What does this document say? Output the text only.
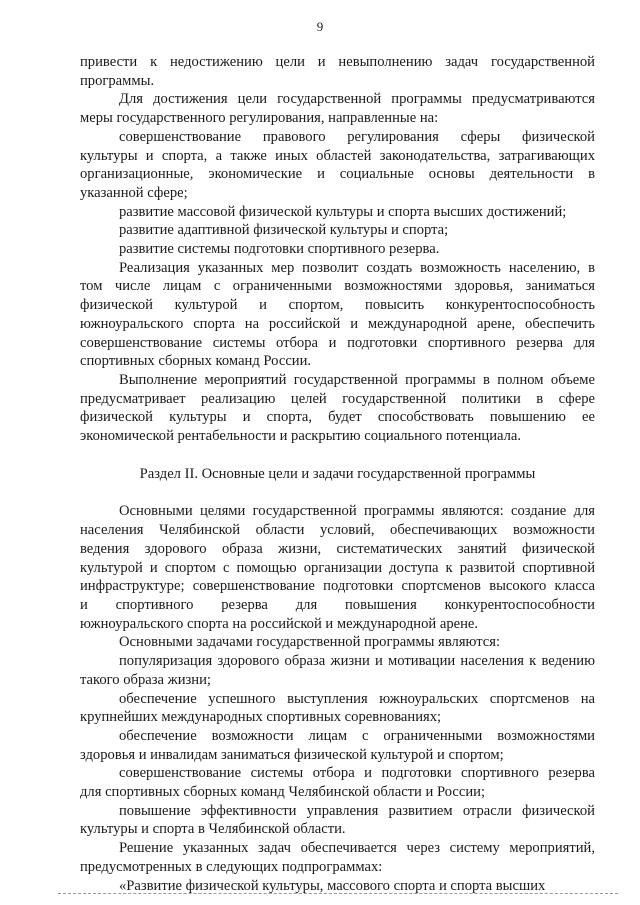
9
привести к недостижению цели и невыполнению задач государственной
программы.
Для достижения цели государственной программы предусматриваются
меры государственного регулирования, направленные на:
совершенствование правового регулирования сферы физической
культуры и спорта, а также иных областей законодательства, затрагивающих
организационные, экономические и социальные основы деятельности в
указанной сфере;
развитие массовой физической культуры и спорта высших достижений;
развитие адаптивной физической культуры и спорта;
развитие системы подготовки спортивного резерва.
Реализация указанных мер позволит создать возможность населению, в
том числе лицам с ограниченными возможностями здоровья, заниматься
физической культурой и спортом, повысить конкурентоспособность
южноуральского спорта на российской и международной арене, обеспечить
совершенствование системы отбора и подготовки спортивного резерва для
спортивных сборных команд России.
Выполнение мероприятий государственной программы в полном объеме
предусматривает реализацию целей государственной политики в сфере
физической культуры и спорта, будет способствовать повышению ее
экономической рентабельности и раскрытию социального потенциала.
Раздел II. Основные цели и задачи государственной программы
Основными целями государственной программы являются: создание для
населения Челябинской области условий, обеспечивающих возможности
ведения здорового образа жизни, систематических занятий физической
культурой и спортом с помощью организации доступа к развитой спортивной
инфраструктуре; совершенствование подготовки спортсменов высокого класса
и спортивного резерва для повышения конкурентоспособности
южноуральского спорта на российской и международной арене.
Основными задачами государственной программы являются:
популяризация здорового образа жизни и мотивации населения к ведению
такого образа жизни;
обеспечение успешного выступления южноуральских спортсменов на
крупнейших международных спортивных соревнованиях;
обеспечение возможности лицам с ограниченными возможностями
здоровья и инвалидам заниматься физической культурой и спортом;
совершенствование системы отбора и подготовки спортивного резерва
для спортивных сборных команд Челябинской области и России;
повышение эффективности управления развитием отрасли физической
культуры и спорта в Челябинской области.
Решение указанных задач обеспечивается через систему мероприятий,
предусмотренных в следующих подпрограммах:
«Развитие физической культуры, массового спорта и спорта высших
